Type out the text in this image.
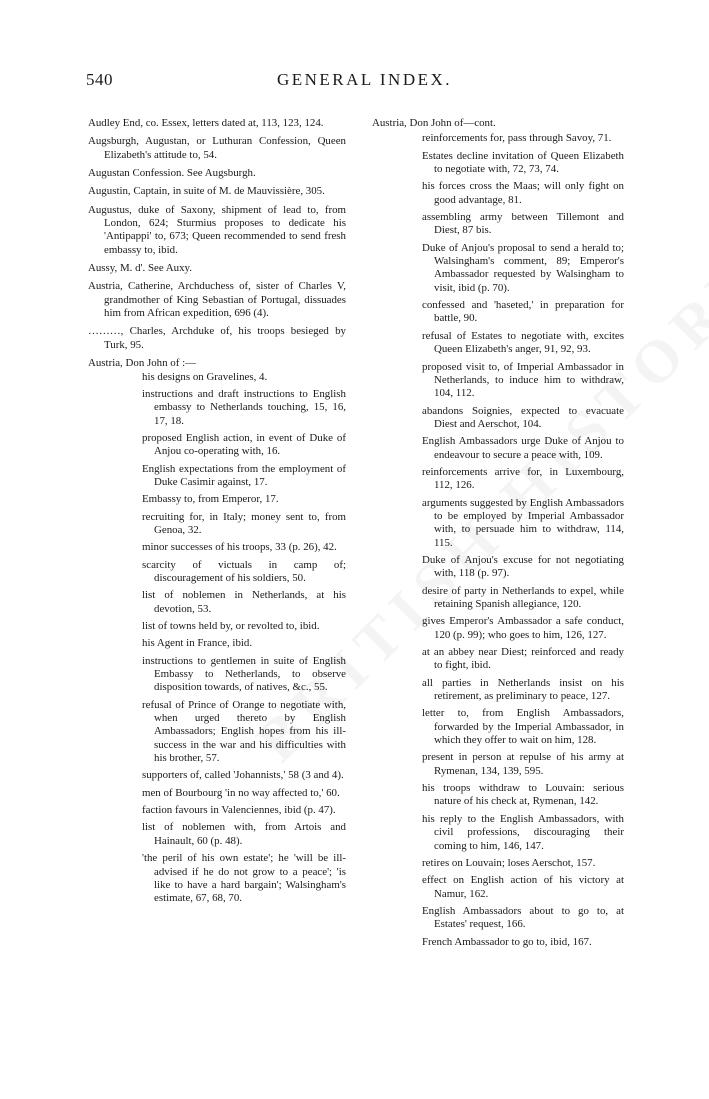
540	GENERAL INDEX.
Audley End, co. Essex, letters dated at, 113, 123, 124.
Augsburgh, Augustan, or Luthuran Confession, Queen Elizabeth's attitude to, 54.
Augustan Confession. See Augsburgh.
Augustin, Captain, in suite of M. de Mauvissière, 305.
Augustus, duke of Saxony, shipment of lead to, from London, 624; Sturmius proposes to dedicate his 'Antipappi' to, 673; Queen recommended to send fresh embassy to, ibid.
Aussy, M. d'. See Auxy.
Austria, Catherine, Archduchess of, sister of Charles V, grandmother of King Sebastian of Portugal, dissuades him from African expedition, 696 (4).
………, Charles, Archduke of, his troops besieged by Turk, 95.
Austria, Don John of :—
his designs on Gravelines, 4.
instructions and draft instructions to English embassy to Netherlands touching, 15, 16, 17, 18.
proposed English action, in event of Duke of Anjou co-operating with, 16.
English expectations from the employment of Duke Casimir against, 17.
Embassy to, from Emperor, 17.
recruiting for, in Italy; money sent to, from Genoa, 32.
minor successes of his troops, 33 (p. 26), 42.
scarcity of victuals in camp of; discouragement of his soldiers, 50.
list of noblemen in Netherlands, at his devotion, 53.
list of towns held by, or revolted to, ibid.
his Agent in France, ibid.
instructions to gentlemen in suite of English Embassy to Netherlands, to observe disposition towards, of natives, &c., 55.
refusal of Prince of Orange to negotiate with, when urged thereto by English Ambassadors; English hopes from his ill-success in the war and his difficulties with his brother, 57.
supporters of, called 'Johannists,' 58 (3 and 4).
men of Bourbourg 'in no way affected to,' 60.
faction favours in Valenciennes, ibid (p. 47).
list of noblemen with, from Artois and Hainault, 60 (p. 48).
'the peril of his own estate'; he 'will be ill-advised if he do not grow to a peace'; 'is like to have a hard bargain'; Walsingham's estimate, 67, 68, 70.
Austria, Don John of—cont.
reinforcements for, pass through Savoy, 71.
Estates decline invitation of Queen Elizabeth to negotiate with, 72, 73, 74.
his forces cross the Maas; will only fight on good advantage, 81.
assembling army between Tillemont and Diest, 87 bis.
Duke of Anjou's proposal to send a herald to; Walsingham's comment, 89; Emperor's Ambassador requested by Walsingham to visit, ibid (p. 70).
confessed and 'haseted,' in preparation for battle, 90.
refusal of Estates to negotiate with, excites Queen Elizabeth's anger, 91, 92, 93.
proposed visit to, of Imperial Ambassador in Netherlands, to induce him to withdraw, 104, 112.
abandons Soignies, expected to evacuate Diest and Aerschot, 104.
English Ambassadors urge Duke of Anjou to endeavour to secure a peace with, 109.
reinforcements arrive for, in Luxembourg, 112, 126.
arguments suggested by English Ambassadors to be employed by Imperial Ambassador with, to persuade him to withdraw, 114, 115.
Duke of Anjou's excuse for not negotiating with, 118 (p. 97).
desire of party in Netherlands to expel, while retaining Spanish allegiance, 120.
gives Emperor's Ambassador a safe conduct, 120 (p. 99); who goes to him, 126, 127.
at an abbey near Diest; reinforced and ready to fight, ibid.
all parties in Netherlands insist on his retirement, as preliminary to peace, 127.
letter to, from English Ambassadors, forwarded by the Imperial Ambassador, in which they offer to wait on him, 128.
present in person at repulse of his army at Rymenan, 134, 139, 595.
his troops withdraw to Louvain: serious nature of his check at, Rymenan, 142.
his reply to the English Ambassadors, with civil professions, discouraging their coming to him, 146, 147.
retires on Louvain; loses Aerschot, 157.
effect on English action of his victory at Namur, 162.
English Ambassadors about to go to, at Estates' request, 166.
French Ambassador to go to, ibid, 167.
